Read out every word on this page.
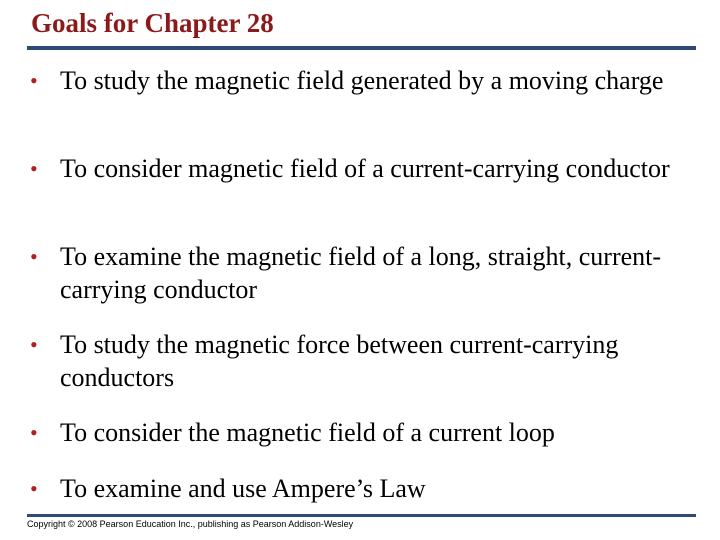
Goals for Chapter 28
• To study the magnetic field generated by a moving charge
• To consider magnetic field of a current-carrying conductor
• To examine the magnetic field of a long, straight, current-carrying conductor
• To study the magnetic force between current-carrying conductors
• To consider the magnetic field of a current loop
• To examine and use Ampere’s Law
Copyright © 2008 Pearson Education Inc., publishing as Pearson Addison-Wesley
